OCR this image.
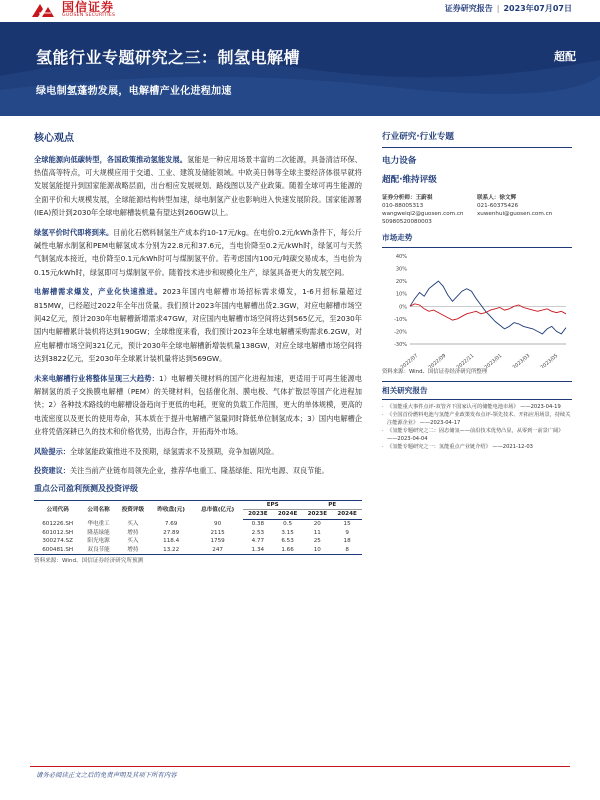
国信证券
GUOSEN SECURITIES
证券研究报告 | 2023年07月07日
氢能行业专题研究之三：制氢电解槽
绿电制氢蓬勃发展，电解槽产业化进程加速
超配
核心观点

全球能源向低碳转型，各国政策推动氢能发展。氢能是一种应用场景丰富的二次能源，具备清洁环保、热值高等特点，可大规模应用于交通、工业、建筑及储能领域。中欧美日韩等全球主要经济体很早就将发展氢能提升到国家能源战略层面，出台相应发展规划、路线图以及产业政策。随着全球可再生能源的全面平价和大规模发展，全球能源结构转型加速，绿电制氢产业也影响进入快速发展阶段。国家能源署(IEA)预计到2030年全球电解槽装机量有望达到260GW以上。

绿氢平价时代即将到来。目前化石燃料制氢生产成本约10-17元/kg。在电价0.2元/kWh条件下，每公斤碱性电解水制氢和PEM电解氢成本分别为22.8元和37.6元，当电价降至0.2元/kWh时，绿氢可与天然气制氢成本接近，电价降至0.1元/kWh时可与煤制氢平价。若考虑国内100元/吨碳交易成本，当电价为0.15元/kWh时，绿氢即可与煤制氢平价。随着技术进步和规模化生产，绿氢具备更大的发展空间。

电解槽需求爆发，产业化快速推进。2023年国内电解槽市场招标需求爆发，1-6月招标量超过815MW，已经超过2022年全年出货量。我们预计2023年国内电解槽出货2.3GW，对应电解槽市场空间42亿元，预计2030年电解槽新增需求47GW，对应国内电解槽市场空间将达到565亿元，至2030年国内电解槽累计装机将达到190GW；全球维度来看，我们预计2023年全球电解槽采购需求6.2GW，对应电解槽市场空间321亿元，预计2030年全球电解槽新增装机量138GW，对应全球电解槽市场空间将达到3822亿元，至2030年全球累计装机量将达到569GW。

未来电解槽行业将整体呈现三大趋势：1）电解槽关键材料的国产化进程加速，更适用于可再生能源电解制氢的质子交换膜电解槽（PEM）的关键材料，包括催化剂、膜电极、气体扩散层等国产化进程加快；2）各种技术路线的电解槽设备趋向于更低的电耗，更宽的负载工作范围，更大的单体规模，更高的电流密度以及更长的使用寿命，其本质在于提升电解槽产氢量同时降低单位制氢成本；3）国内电解槽企业将凭借深耕已久的技术和价格优势，出海合作，开拓海外市场。

风险提示：全球氢能政策推进不及预期，绿氢需求不及预期，竞争加剧风险。

投资建议：关注当前产业链布局领先企业，推荐华电重工、隆基绿能、阳光电源、双良节能。

重点公司盈利预测及投资评级
公司代码	公司名称	投资评级	昨收盘(元)	总市值(亿元)	EPS		PE	
					2023E	2024E	2023E	2024E
601226.SH	华电重工	买入	7.69	90	0.38	0.5	20	15
601012.SH	隆基绿能	增持	27.89	2115	2.53	3.15	11	9
300274.SZ	阳光电源	买入	118.4	1759	4.77	6.53	25	18
600481.SH	双良节能	增持	13.22	247	1.34	1.66	10	8
资料来源：Wind、国信证券经济研究所预测
行业研究·行业专题
电力设备
超配·维持评级
证券分析师：王蔚祺
010-88005313
wangweiqi2@guosen.com.cn
S0980520080003
联系人：徐文辉
021-60375426
xuwenhui@guosen.com.cn
市场走势
40%
30%
20%
10%
0%
-10%
-20%
-30%
2022/07 2022/09 2022/11 2023/01 2023/03 2023/05
资料来源：Wind、国信证券经济研究所整理
相关研究报告
· 《氢能重大事件点评-双管齐下国家认可的储能电池市场》 ——2023-04-19
· 《全国首份燃料电池与氢能产业政策发布点评-领先技术、开拓应用场景，持续关注能源企业》 ——2023-04-17
· 《氢能专题研究之二：固态储氢——前沿技术优势凸显，从零到一前景广阔》 ——2023-04-04
· 《氢能专题研究之一：氢能重点产业链介绍》 ——2021-12-03
请务必阅读正文之后的免责声明及其项下所有内容
